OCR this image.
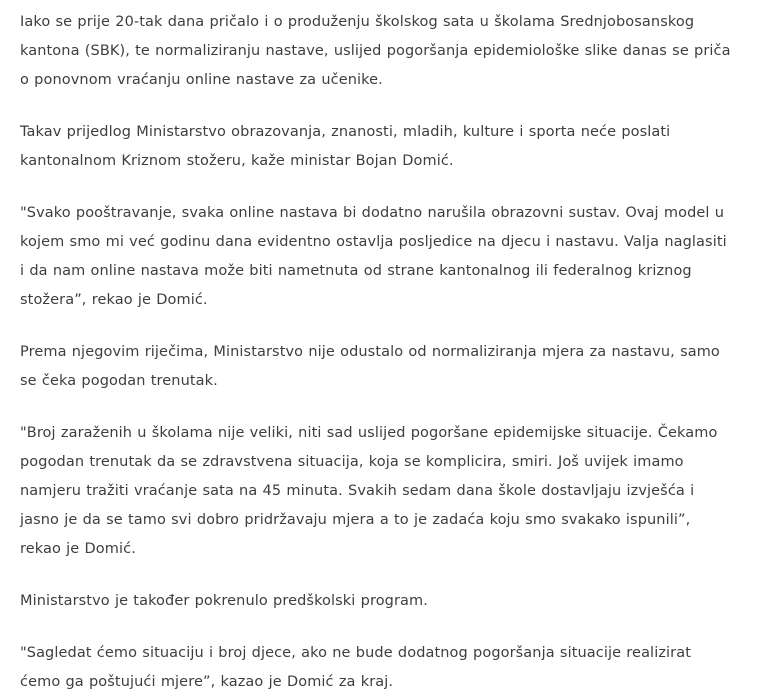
Iako se prije 20-tak dana pričalo i o produženju školskog sata u školama Srednjobosanskog kantona (SBK), te normaliziranju nastave, uslijed pogoršanja epidemiološke slike danas se priča o ponovnom vraćanju online nastave za učenike.

Takav prijedlog Ministarstvo obrazovanja, znanosti, mladih, kulture i sporta neće poslati kantonalnom Kriznom stožeru, kaže ministar Bojan Domić.

"Svako pooštravanje, svaka online nastava bi dodatno narušila obrazovni sustav. Ovaj model u kojem smo mi već godinu dana evidentno ostavlja posljedice na djecu i nastavu. Valja naglasiti i da nam online nastava može biti nametnuta od strane kantonalnog ili federalnog kriznog stožera”, rekao je Domić.

Prema njegovim riječima, Ministarstvo nije odustalo od normaliziranja mjera za nastavu, samo se čeka pogodan trenutak.

"Broj zaraženih u školama nije veliki, niti sad uslijed pogoršane epidemijske situacije. Čekamo pogodan trenutak da se zdravstvena situacija, koja se komplicira, smiri. Još uvijek imamo namjeru tražiti vraćanje sata na 45 minuta. Svakih sedam dana škole dostavljaju izvješća i jasno je da se tamo svi dobro pridržavaju mjera a to je zadaća koju smo svakako ispunili”, rekao je Domić.

Ministarstvo je također pokrenulo predškolski program.

"Sagledat ćemo situaciju i broj djece, ako ne bude dodatnog pogoršanja situacije realizirat ćemo ga poštujući mjere”, kazao je Domić za kraj.
